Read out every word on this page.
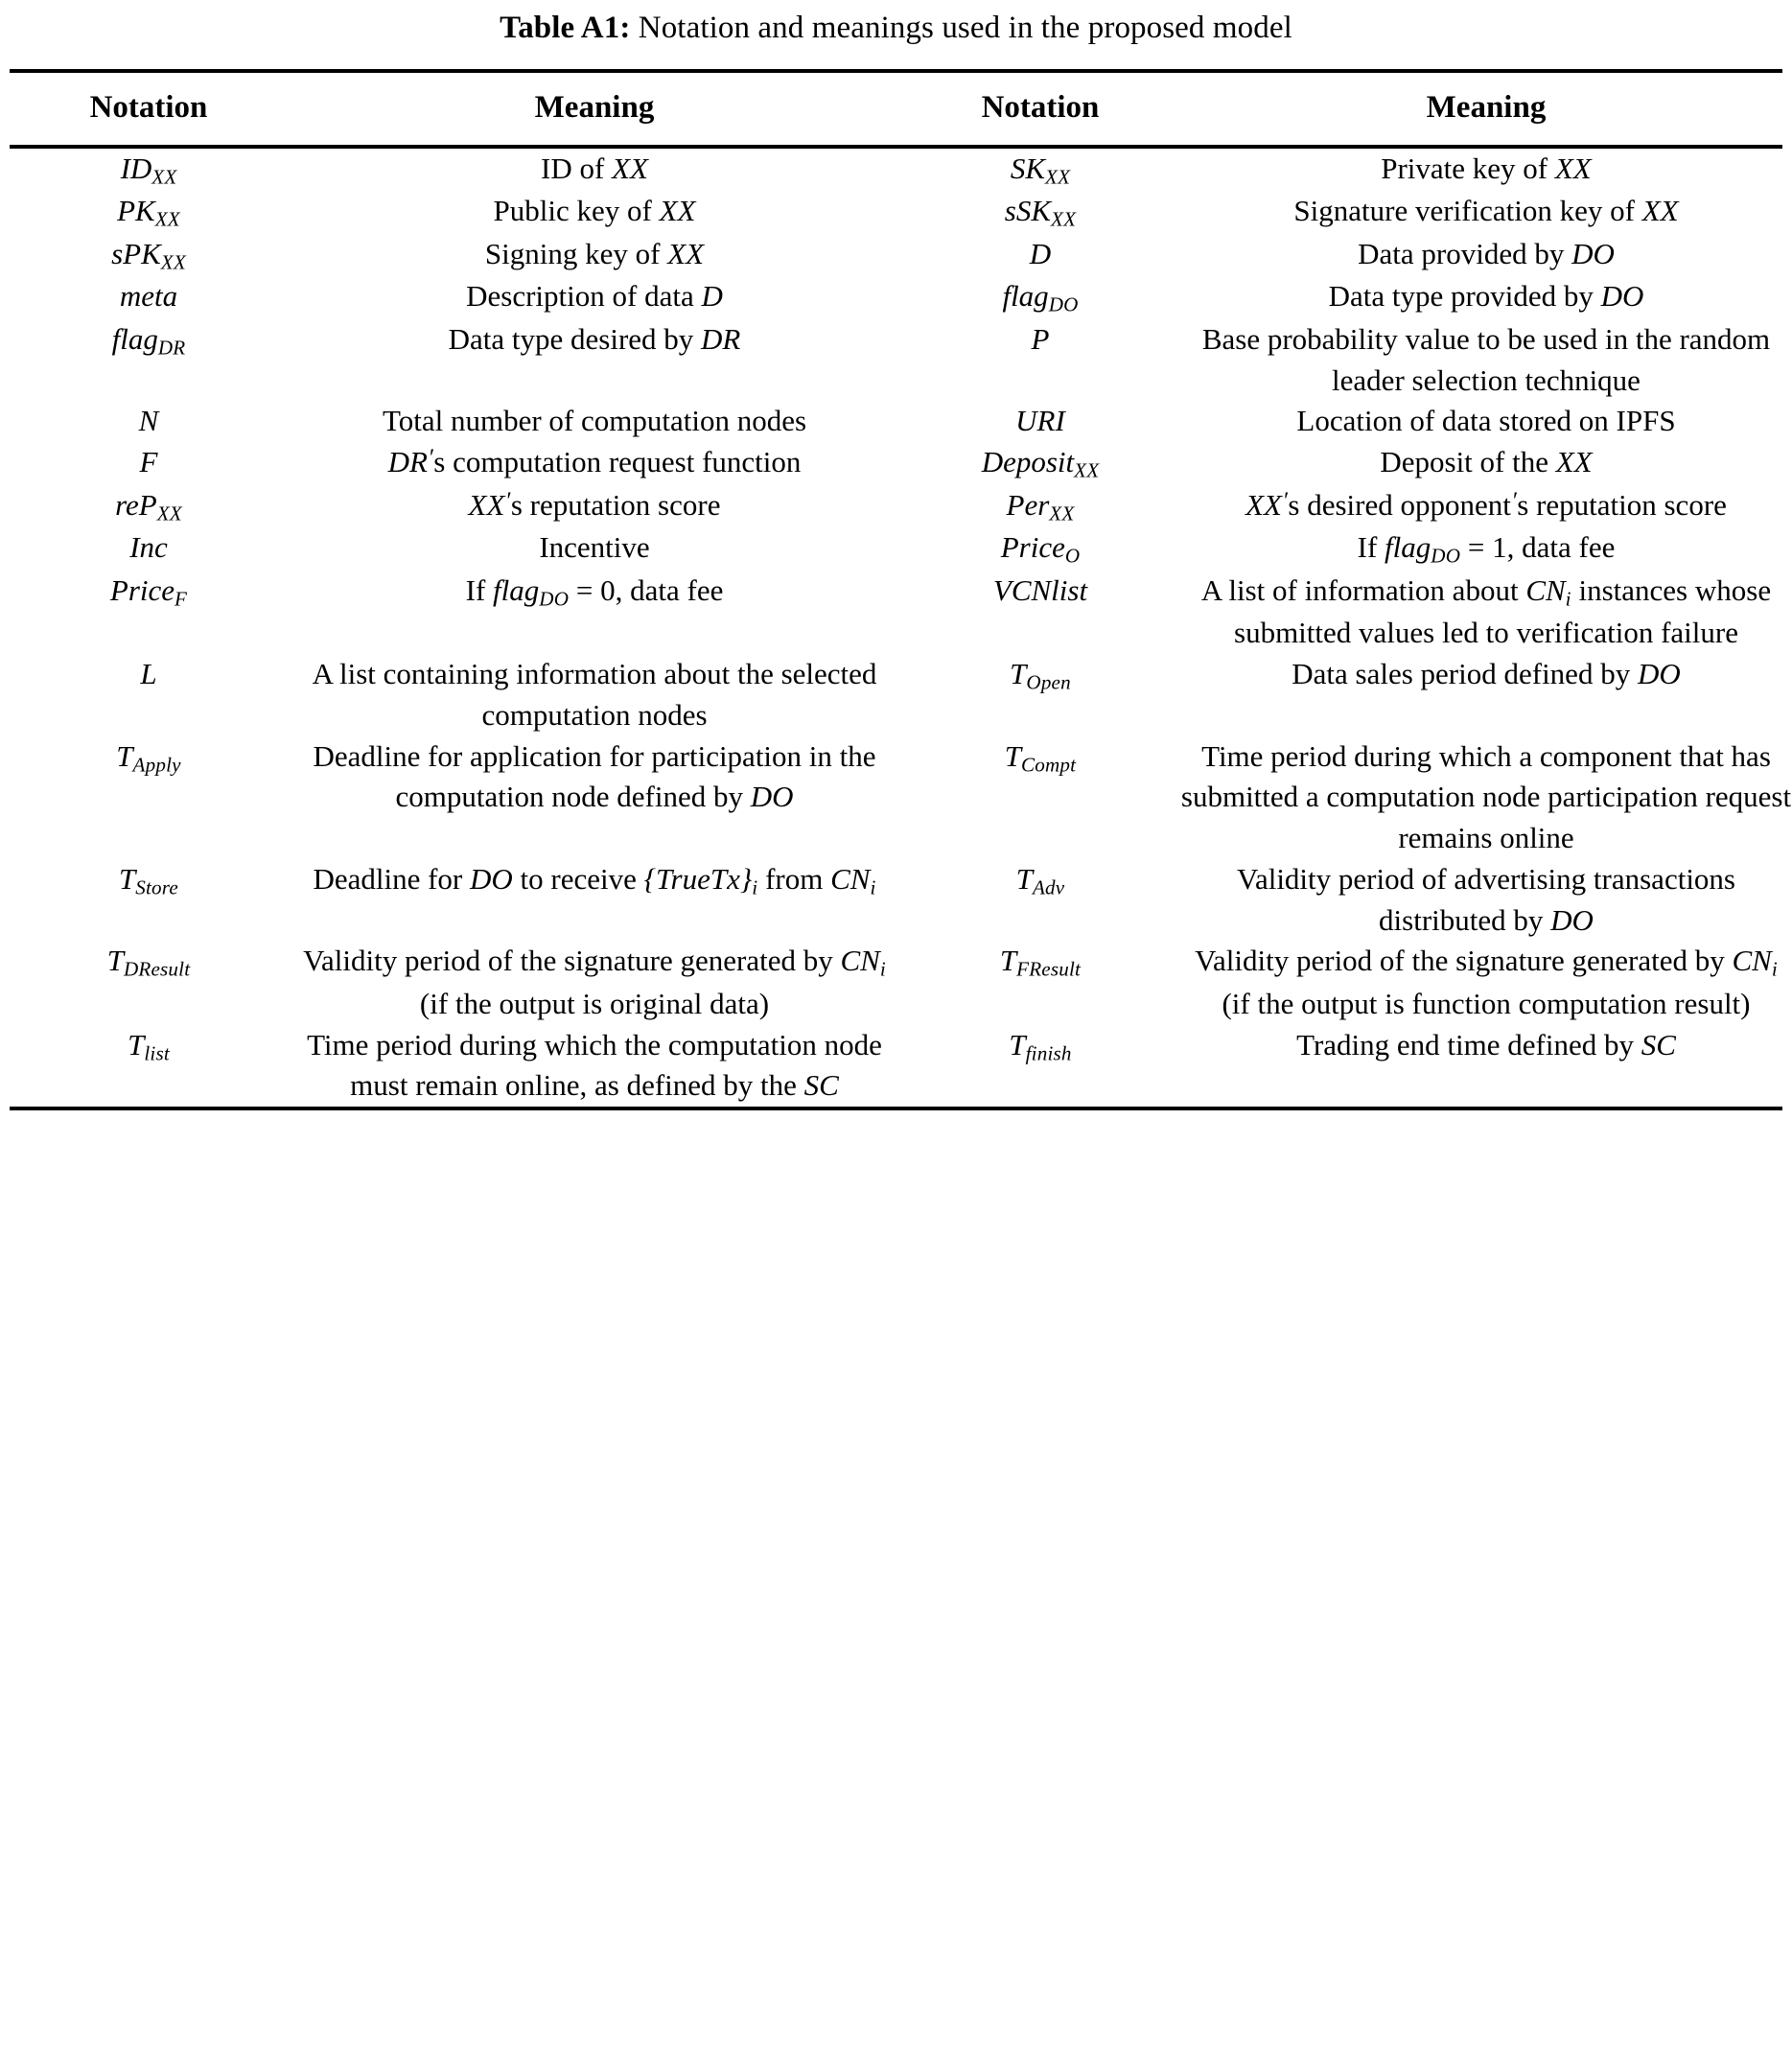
Table A1: Notation and meanings used in the proposed model
Notation	Meaning	Notation	Meaning
$ID_{XX}$	ID of XX	$SK_{XX}$	Private key of XX
$PK_{XX}$	Public key of XX	sSK$_{XX}$	Signature verification key of XX
sPK$_{XX}$	Signing key of XX	D	Data provided by DO
meta	Description of data D	flag$_{DO}$	Data type provided by DO
flag$_{DR}$	Data type desired by DR	P	Base probability value to be used in the random leader selection technique
N	Total number of computation nodes	URI	Location of data stored on IPFS
F	DR′s computation request function	Deposit$_{XX}$	Deposit of the XX
reP$_{XX}$	XX′s reputation score	Per$_{XX}$	XX′s desired opponent′s reputation score
Inc	Incentive	Price$_O$	If flag$_{DO}$ = 1, data fee
Price$_F$	If flag$_{DO}$ = 0, data fee	VCNlist	A list of information about $CN_i$ instances whose submitted values led to verification failure
L	A list containing information about the selected computation nodes	$T_{Open}$	Data sales period defined by DO
$T_{Apply}$	Deadline for application for participation in the computation node defined by DO	$T_{Compt}$	Time period during which a component that has submitted a computation node participation request remains online
$T_{Store}$	Deadline for DO to receive $\{TrueTx\}_i$ from $CN_i$	$T_{Adv}$	Validity period of advertising transactions distributed by DO
$T_{DResult}$	Validity period of the signature generated by $CN_i$ (if the output is original data)	$T_{FResult}$	Validity period of the signature generated by $CN_i$ (if the output is function computation result)
$T_{list}$	Time period during which the computation node must remain online, as defined by the SC	$T_{finish}$	Trading end time defined by SC
